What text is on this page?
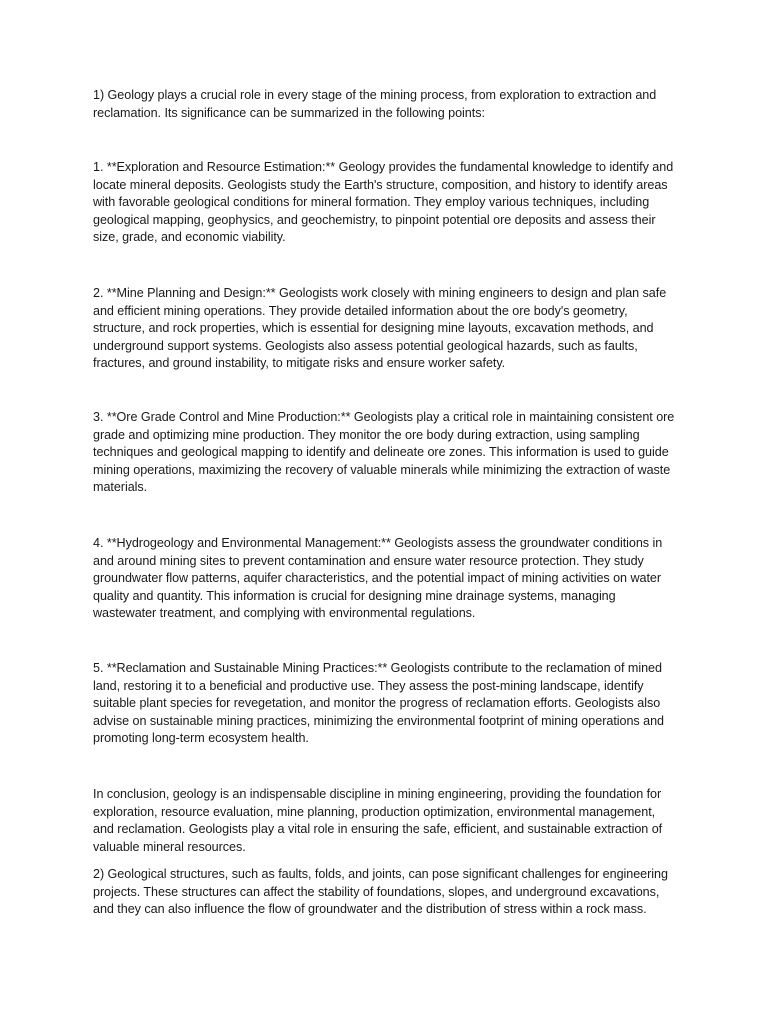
1) Geology plays a crucial role in every stage of the mining process, from exploration to extraction and reclamation. Its significance can be summarized in the following points:

1. **Exploration and Resource Estimation:** Geology provides the fundamental knowledge to identify and locate mineral deposits. Geologists study the Earth's structure, composition, and history to identify areas with favorable geological conditions for mineral formation. They employ various techniques, including geological mapping, geophysics, and geochemistry, to pinpoint potential ore deposits and assess their size, grade, and economic viability.

2. **Mine Planning and Design:** Geologists work closely with mining engineers to design and plan safe and efficient mining operations. They provide detailed information about the ore body's geometry, structure, and rock properties, which is essential for designing mine layouts, excavation methods, and underground support systems. Geologists also assess potential geological hazards, such as faults, fractures, and ground instability, to mitigate risks and ensure worker safety.

3. **Ore Grade Control and Mine Production:** Geologists play a critical role in maintaining consistent ore grade and optimizing mine production. They monitor the ore body during extraction, using sampling techniques and geological mapping to identify and delineate ore zones. This information is used to guide mining operations, maximizing the recovery of valuable minerals while minimizing the extraction of waste materials.

4. **Hydrogeology and Environmental Management:** Geologists assess the groundwater conditions in and around mining sites to prevent contamination and ensure water resource protection. They study groundwater flow patterns, aquifer characteristics, and the potential impact of mining activities on water quality and quantity. This information is crucial for designing mine drainage systems, managing wastewater treatment, and complying with environmental regulations.

5. **Reclamation and Sustainable Mining Practices:** Geologists contribute to the reclamation of mined land, restoring it to a beneficial and productive use. They assess the post-mining landscape, identify suitable plant species for revegetation, and monitor the progress of reclamation efforts. Geologists also advise on sustainable mining practices, minimizing the environmental footprint of mining operations and promoting long-term ecosystem health.

In conclusion, geology is an indispensable discipline in mining engineering, providing the foundation for exploration, resource evaluation, mine planning, production optimization, environmental management, and reclamation. Geologists play a vital role in ensuring the safe, efficient, and sustainable extraction of valuable mineral resources.

2) Geological structures, such as faults, folds, and joints, can pose significant challenges for engineering projects. These structures can affect the stability of foundations, slopes, and underground excavations, and they can also influence the flow of groundwater and the distribution of stress within a rock mass.
